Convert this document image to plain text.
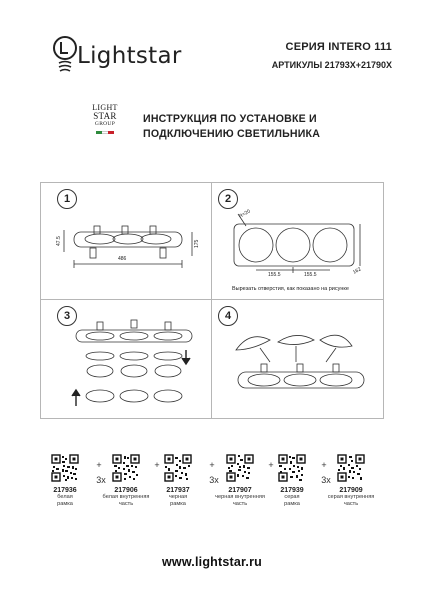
Lightstar	СЕРИЯ INTERO 111
АРТИКУЛЫ 21793X+21790X
LIGHT
STAR
GROUP	ИНСТРУКЦИЯ ПО УСТАНОВКЕ И
ПОДКЛЮЧЕНИЮ СВЕТИЛЬНИКА
1
486
47.5	175
2
R=20
155.5	155.5	162
Вырезать отверстия, как показано на рисунке
3	4
217936
белая
рамка
+
3x
217906
белая внутренняя
часть
+
217937
черная
рамка
+
3x
217907
черная внутренняя
часть
+
217939
серая
рамка
+
3x
217909
серая внутренняя
часть
www.lightstar.ru
